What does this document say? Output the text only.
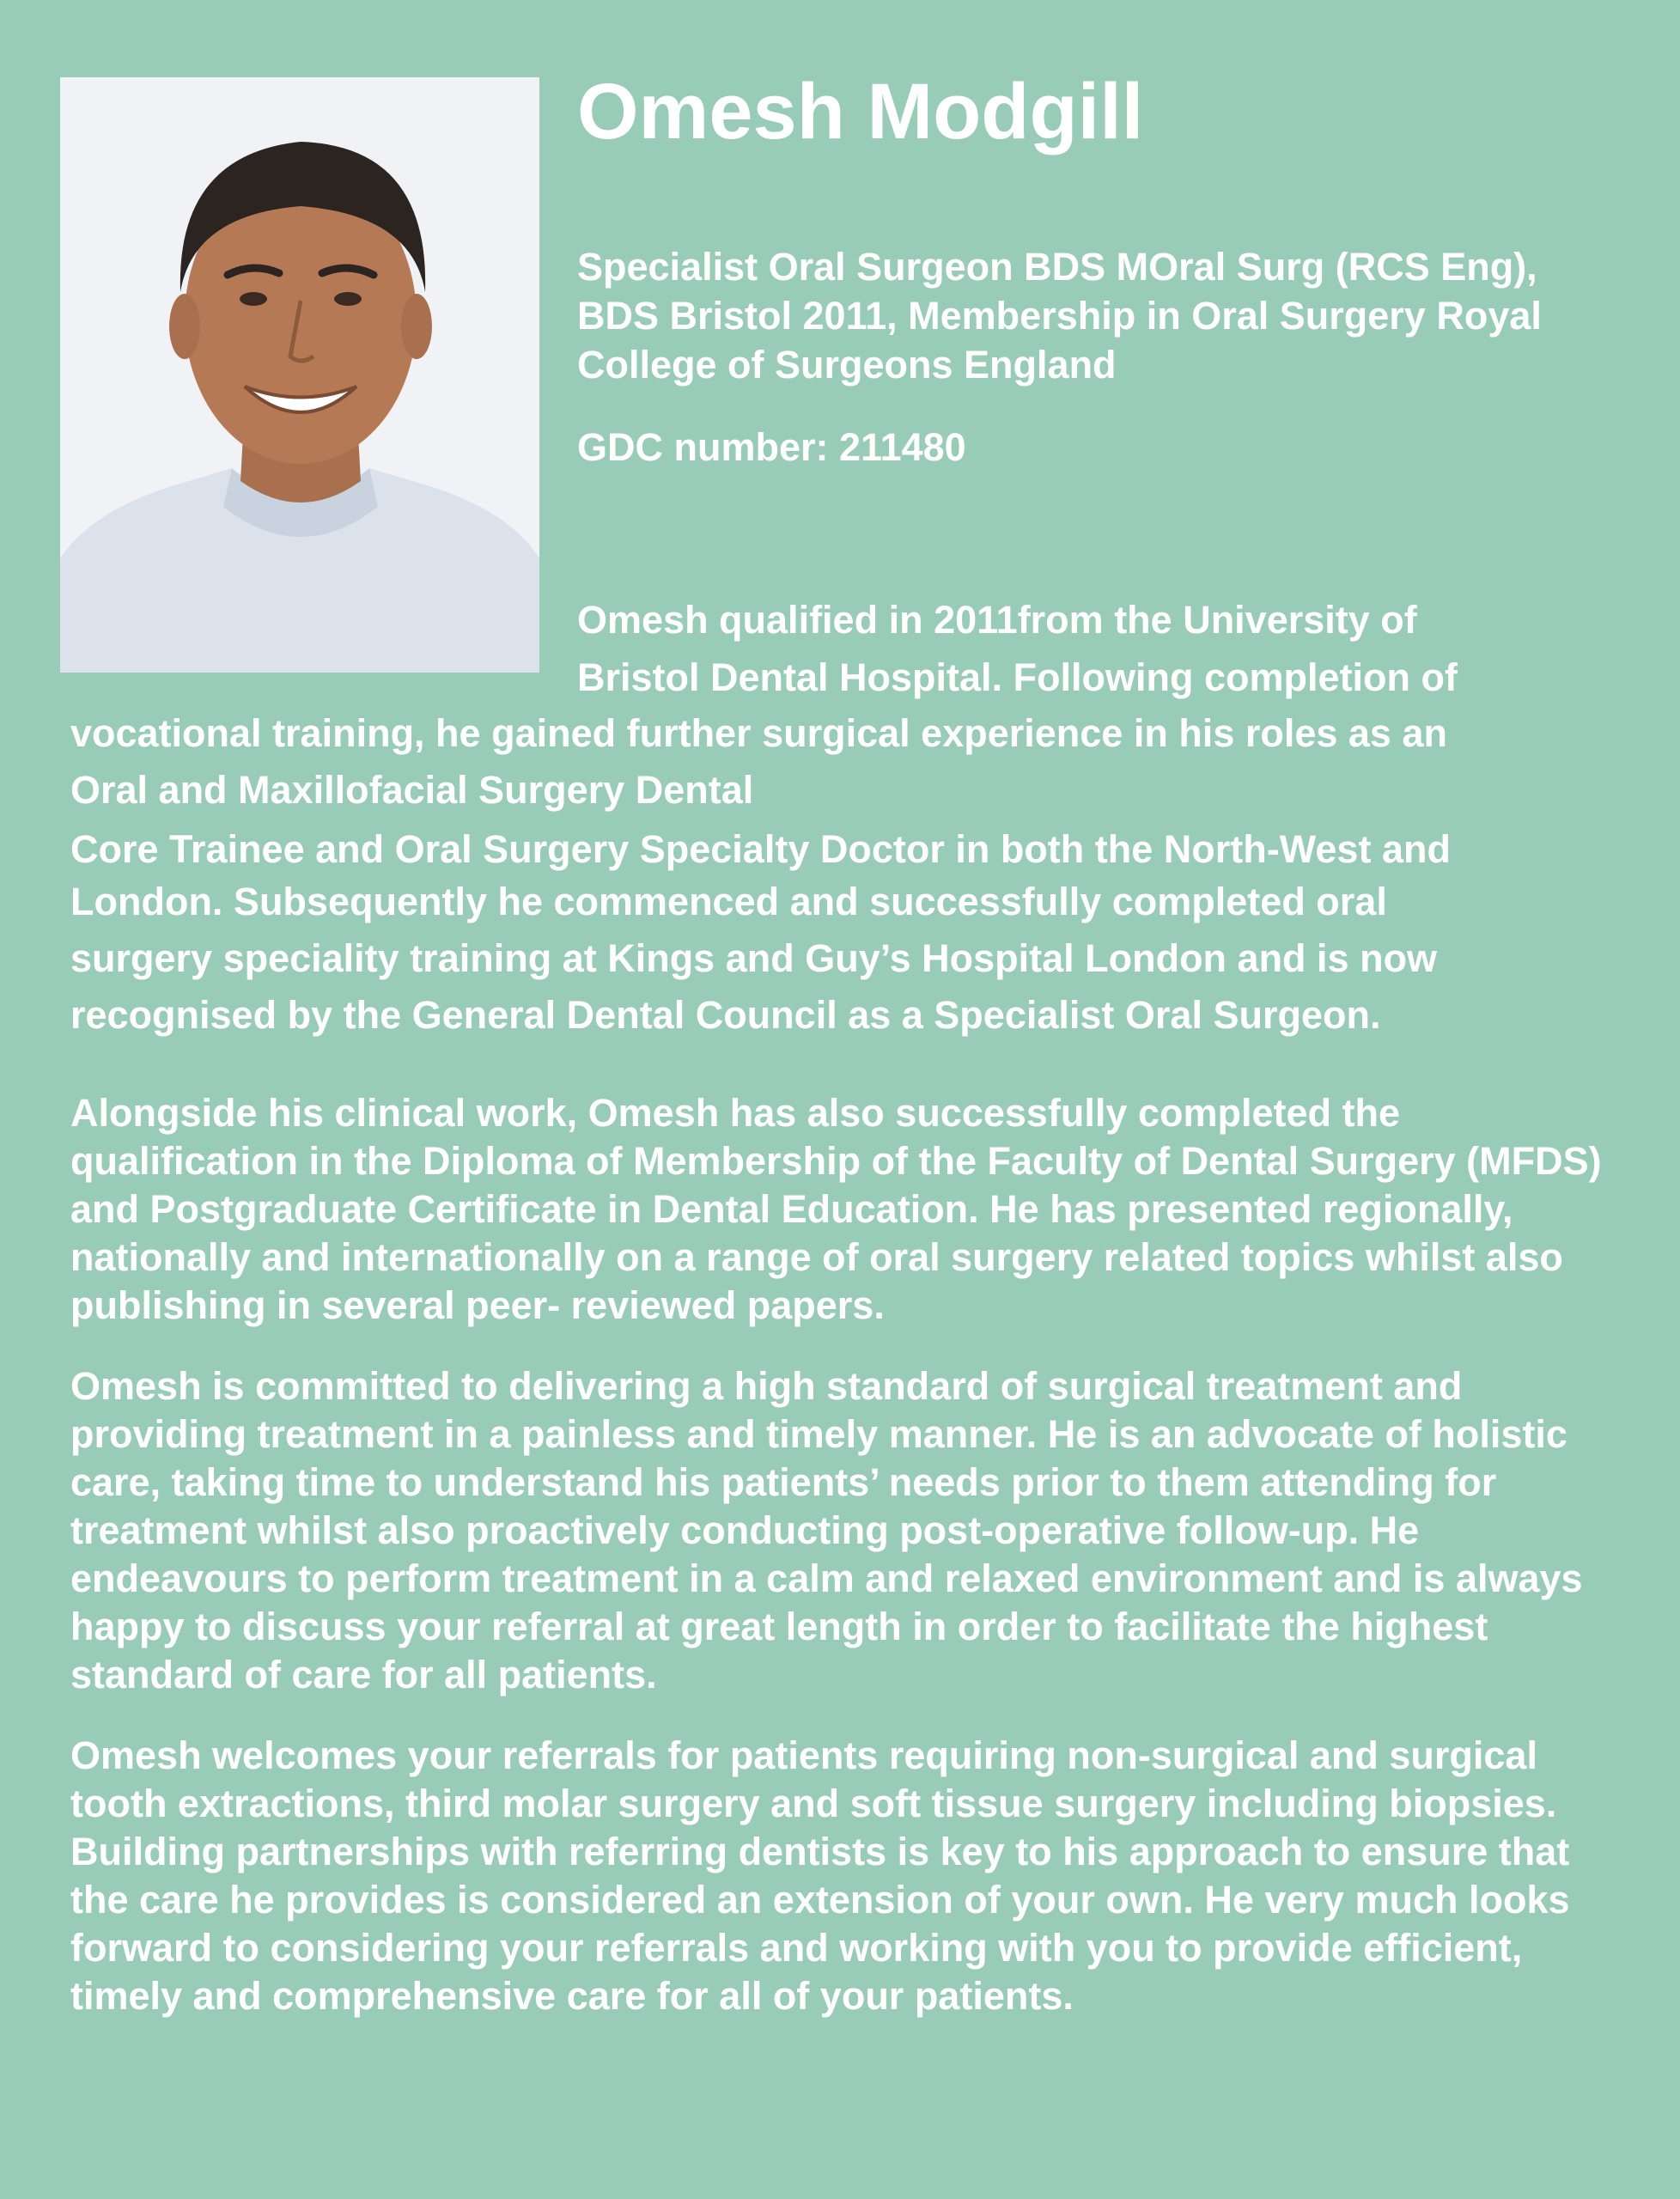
Omesh Modgill

Specialist Oral Surgeon BDS MOral Surg (RCS Eng), BDS Bristol 2011, Membership in Oral Surgery Royal College of Surgeons England

GDC number: 211480

Omesh qualified in 2011from the University of
Bristol Dental Hospital. Following completion of

vocational training, he gained further surgical experience in his roles as an
Oral and Maxillofacial Surgery Dental
Core Trainee and Oral Surgery Specialty Doctor in both the North-West and
London. Subsequently he commenced and successfully completed oral
surgery speciality training at Kings and Guy’s Hospital London and is now
recognised by the General Dental Council as a Specialist Oral Surgeon.

Alongside his clinical work, Omesh has also successfully completed the qualification in the Diploma of Membership of the Faculty of Dental Surgery (MFDS) and Postgraduate Certificate in Dental Education. He has presented regionally, nationally and internationally on a range of oral surgery related topics whilst also publishing in several peer- reviewed papers.

Omesh is committed to delivering a high standard of surgical treatment and providing treatment in a painless and timely manner. He is an advocate of holistic care, taking time to understand his patients’ needs prior to them attending for treatment whilst also proactively conducting post-operative follow-up. He endeavours to perform treatment in a calm and relaxed environment and is always happy to discuss your referral at great length in order to facilitate the highest standard of care for all patients.

Omesh welcomes your referrals for patients requiring non-surgical and surgical tooth extractions, third molar surgery and soft tissue surgery including biopsies. Building partnerships with referring dentists is key to his approach to ensure that the care he provides is considered an extension of your own. He very much looks forward to considering your referrals and working with you to provide efficient, timely and comprehensive care for all of your patients.
